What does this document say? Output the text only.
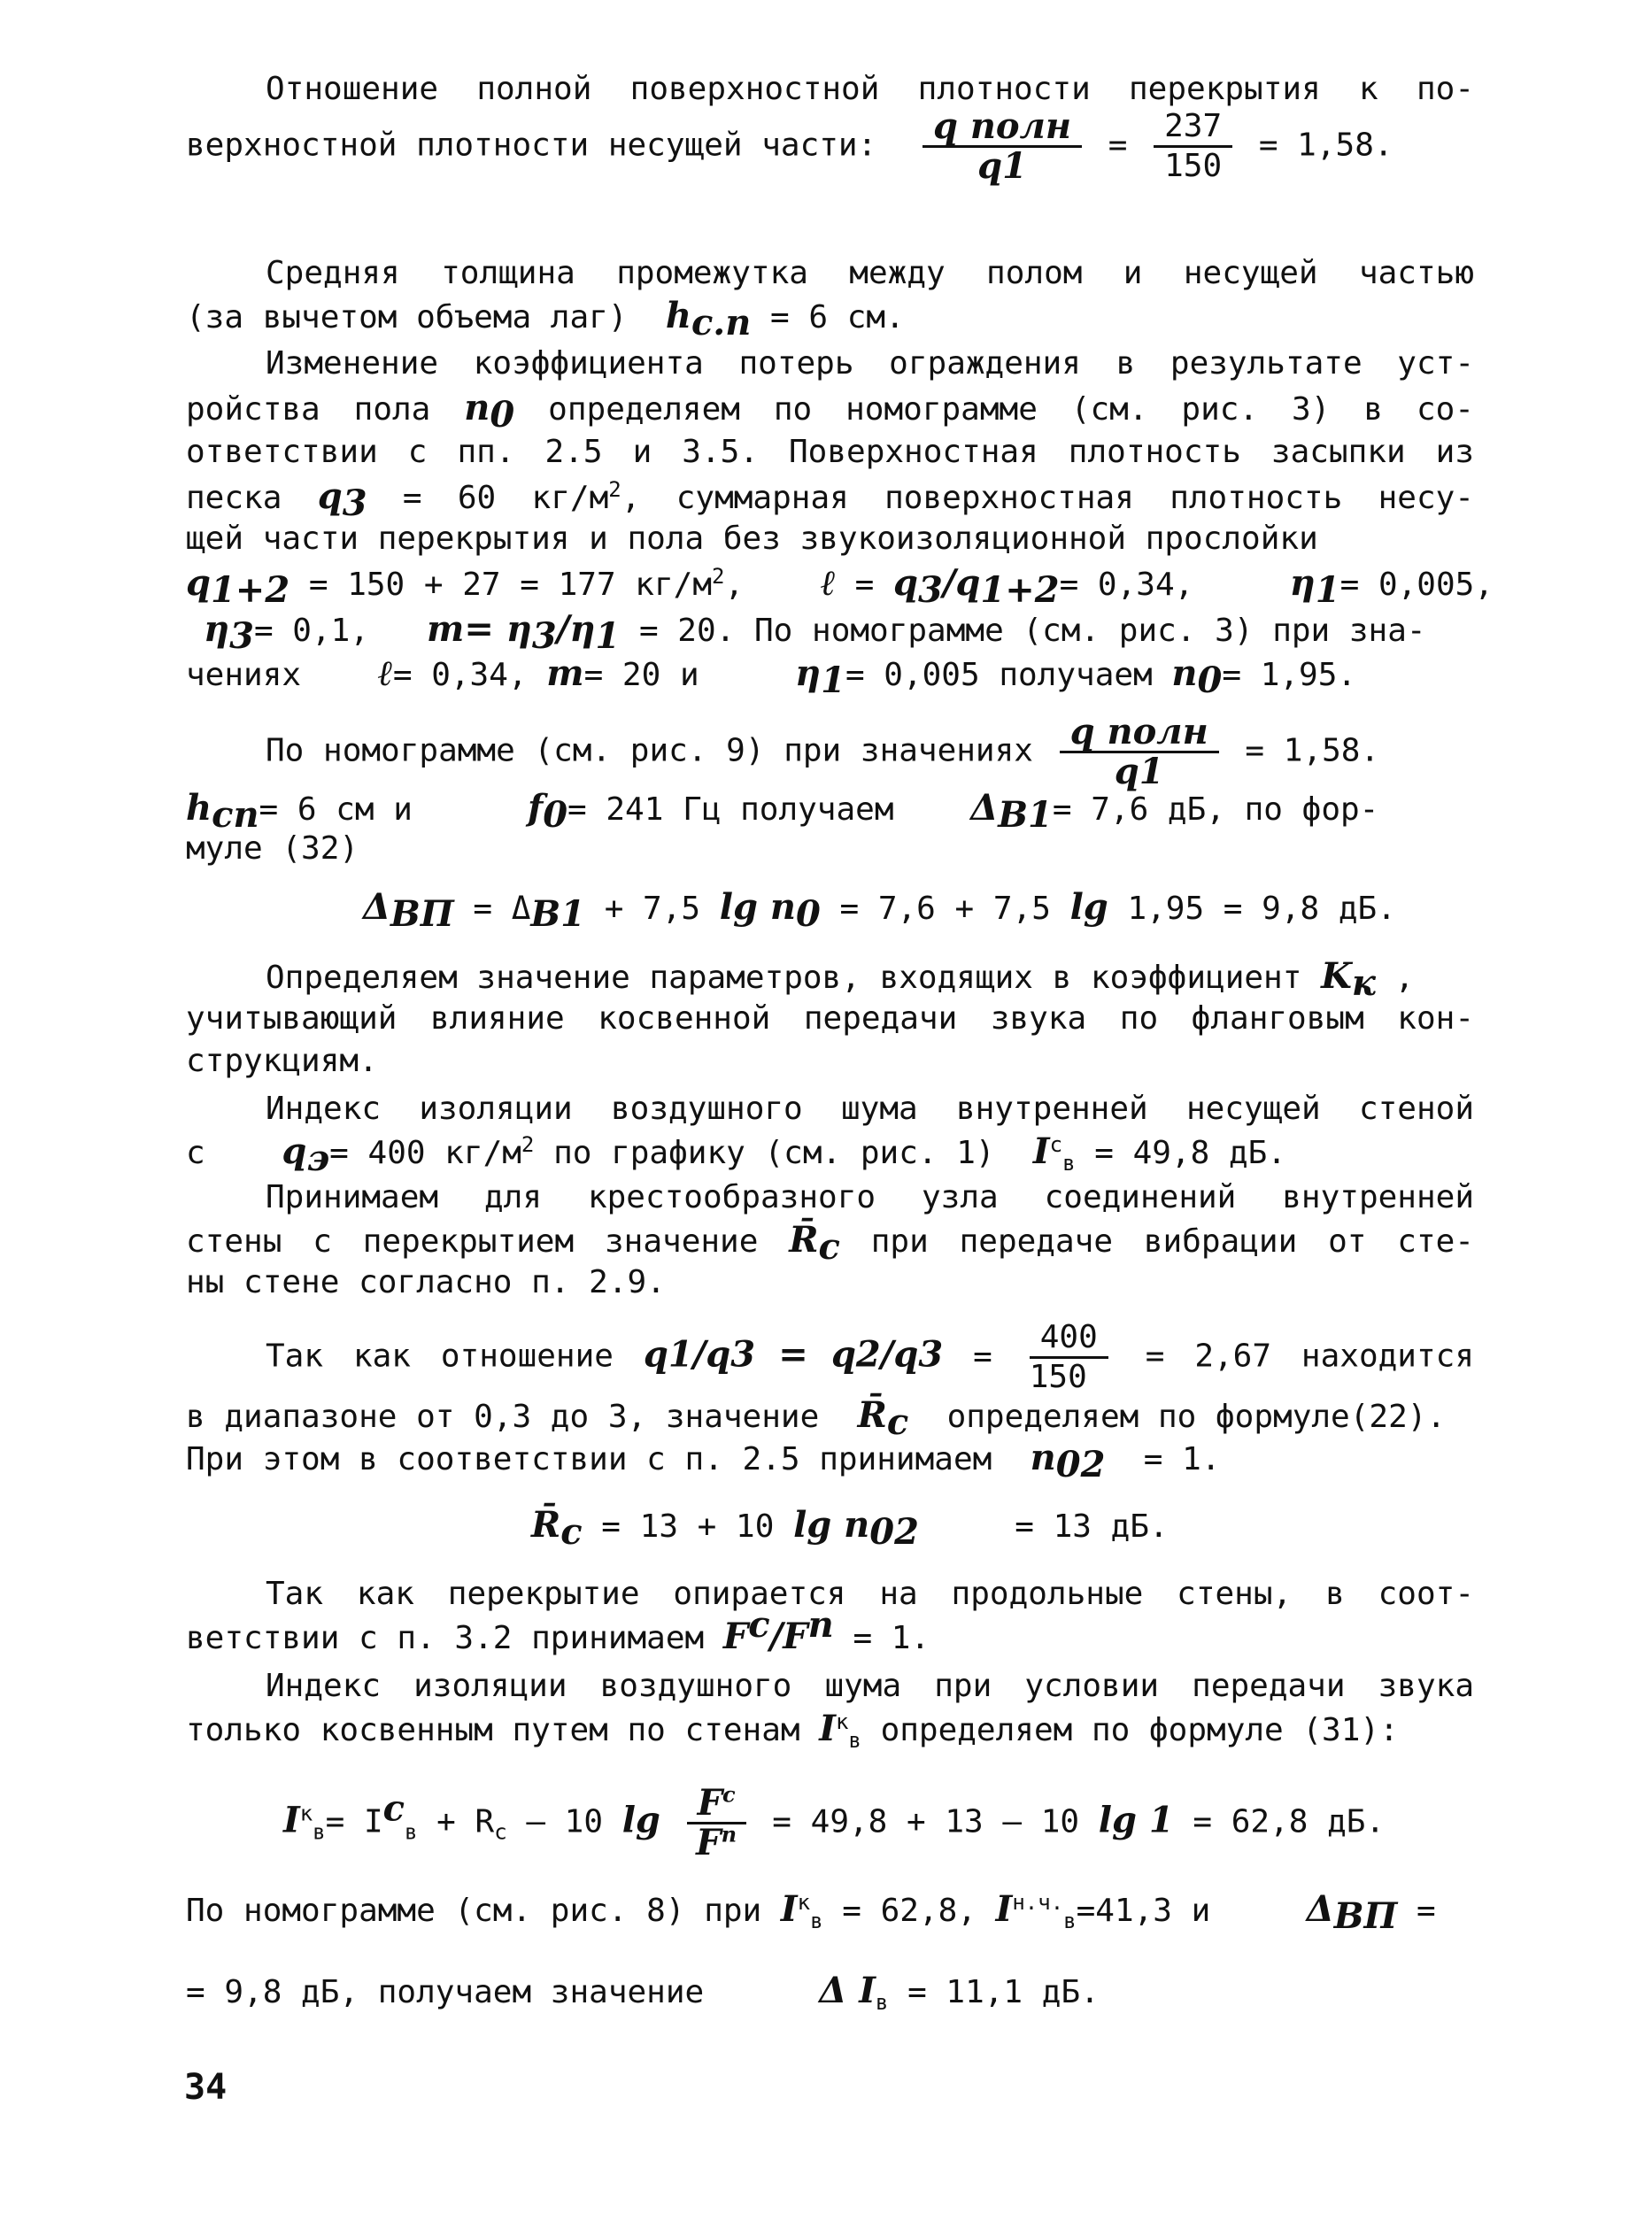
Отношение полной поверхностной плотности перекрытия к по-
верхностной плотности несущей части: $\frac{\text{q полн}}{q1} = \frac{237}{150} = 1,58$.
Средняя толщина промежутка между полом и несущей частью
(за вычетом объема лаг) $h_{с.п} = 6$ см.
Изменение коэффициента потерь ограждения в результате уст-
ройства пола $n_0$ определяем по номограмме (см. рис. 3) в со-
ответствии с пп. 2.5 и 3.5. Поверхностная плотность засыпки из
песка $q_3 = 60$ $кг/м^2$, суммарная поверхностная плотность несу-
щей части перекрытия и пола без звукоизоляционной прослойки
$q_{1+2} = 150 + 27 = 177$ $кг/м^2$, ℓ = $q_3/q_{1+2}= 0,34$,	$\eta_1= 0,005$,
$\eta_3= 0,1$, $m= \eta_3/\eta_1 = 20$. По номограмме (см. рис. 3) при зна-
чениях ℓ= 0,34, m= 20 и	$\eta_1= 0,005$ получаем $n_0= 1,95$.
По номограмме (см. рис. 9) при значениях $\frac{\text{q полн}}{q1} = 1,58$.
$h_{сп}= 6$ см и	$f_0= 241$ Гц получаем $\Delta_{В1}= 7,6$ дБ, по фор-
муле (32)
$\Delta_{ВП} = \Delta_{В1} + 7,5$ $\lg n_0 = 7,6 + 7,5$ lg 1,95 = 9,8 дБ.
Определяем значение параметров, входящих в коэффициент $K_к$ ,
учитывающий влияние косвенной передачи звука по фланговым кон-
струкциям.
Индекс изоляции воздушного шума внутренней несущей стеной
с $q_э= 400$ $кг/м^2$ по графику (см. рис. 1) $I^с_в = 49,8$ дБ.
Принимаем для крестообразного узла соединений внутренней
стены с перекрытием значение $R̄_с$ при передаче вибрации от сте-
ны стене согласно п. 2.9.
Так как отношение $q1/q3 = q2/q3 = \frac{400}{150} = 2,67$ находится
в диапазоне от 0,3 до 3, значение $R̄_с$ определяем по формуле(22).
При этом в соответствии с п. 2.5 принимаем $n_{02} = 1$.
$R̄_с = 13 + 10$ $\lg n_{02}$	= 13 дБ.
Так как перекрытие опирается на продольные стены, в соот-
ветствии с п. 3.2 принимаем $F^с/F^п = 1$.
Индекс изоляции воздушного шума при условии передачи звука
только косвенным путем по стенам $I^к_в$ определяем по формуле (31):
$I^к_в= I^с_в + R_с - 10$ $\lg \frac{F^с}{F^п} = 49,8 + 13 - 10$ lg 1 = 62,8 дБ.
По номограмме (см. рис. 8) при $I^к_в = 62,8$, $I^{н.ч.}_в=41,3$ и	$\Delta_{ВП}$ =
= 9,8 дБ, получаем значение	Δ $I_в = 11,1$ дБ.
34
